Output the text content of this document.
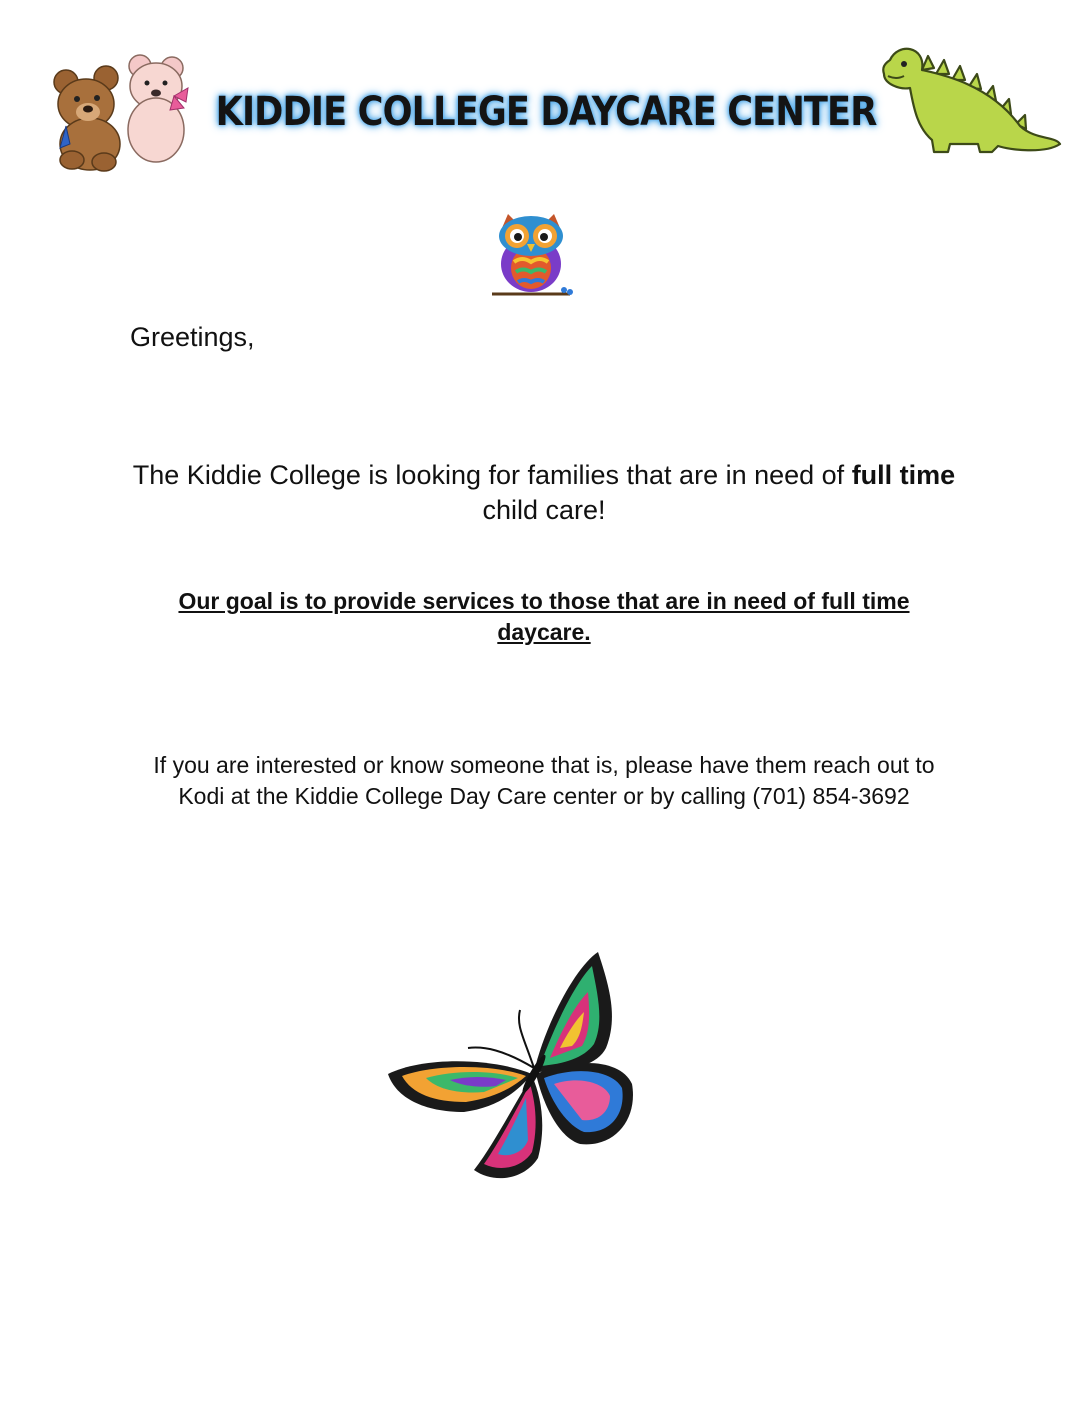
KIDDIE COLLEGE DAYCARE CENTER
Greetings,
The Kiddie College is looking for families that are in need of full time child care!
Our goal is to provide services to those that are in need of full time daycare.
If you are interested or know someone that is, please have them reach out to Kodi at the Kiddie College Day Care center or by calling (701) 854-3692
